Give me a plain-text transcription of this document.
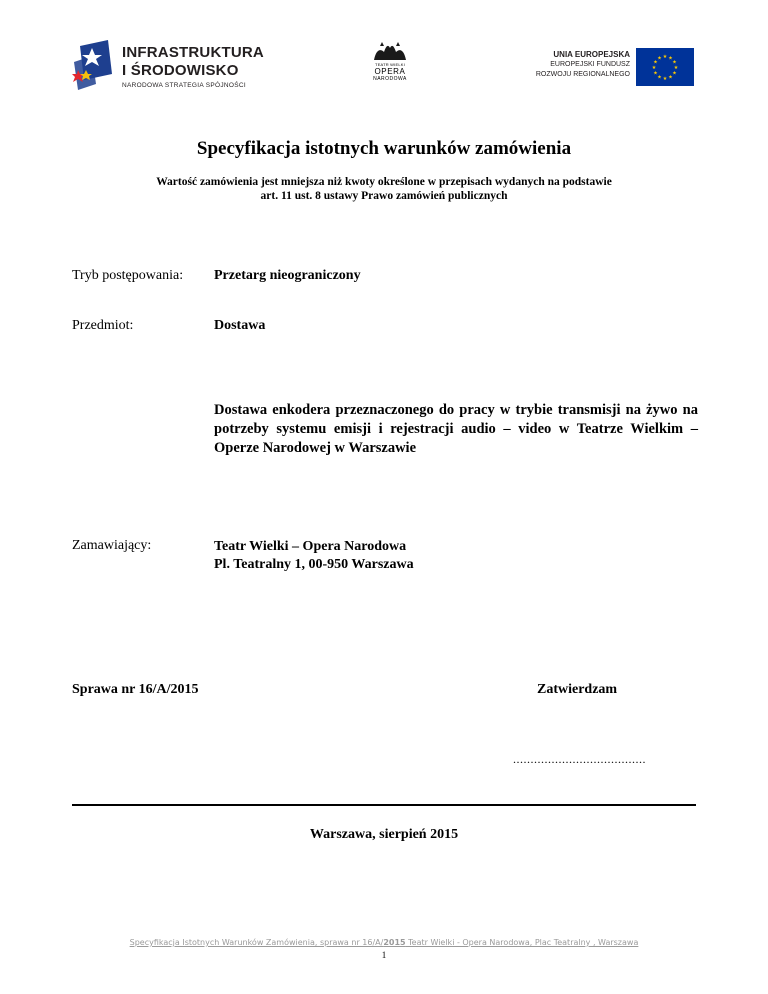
INFRASTRUKTURA
I ŚRODOWISKO
NARODOWA STRATEGIA SPÓJNOŚCI
TEATR WIELKI
OPERA
NARODOWA
UNIA EUROPEJSKA
EUROPEJSKI FUNDUSZ
ROZWOJU REGIONALNEGO
★ ★
★
★
★
★
★
★
★
★
★
★
Specyfikacja istotnych warunków zamówienia
Wartość zamówienia jest mniejsza niż kwoty określone w przepisach wydanych na podstawie
art. 11 ust. 8 ustawy Prawo zamówień publicznych
Tryb postępowania: Przetarg nieograniczony
Przedmiot:	Dostawa
Dostawa enkodera przeznaczonego do pracy w trybie transmisji na żywo na potrzeby systemu emisji i rejestracji audio – video w Teatrze Wielkim – Operze Narodowej w Warszawie
Zamawiający:	Teatr Wielki – Opera Narodowa
Pl. Teatralny 1, 00-950 Warszawa
Sprawa nr 16/A/2015	Zatwierdzam
......................................
Warszawa, sierpień 2015
Specyfikacja Istotnych Warunków Zamówienia, sprawa nr 16/A/2015 Teatr Wielki - Opera Narodowa, Plac Teatralny , Warszawa
1
